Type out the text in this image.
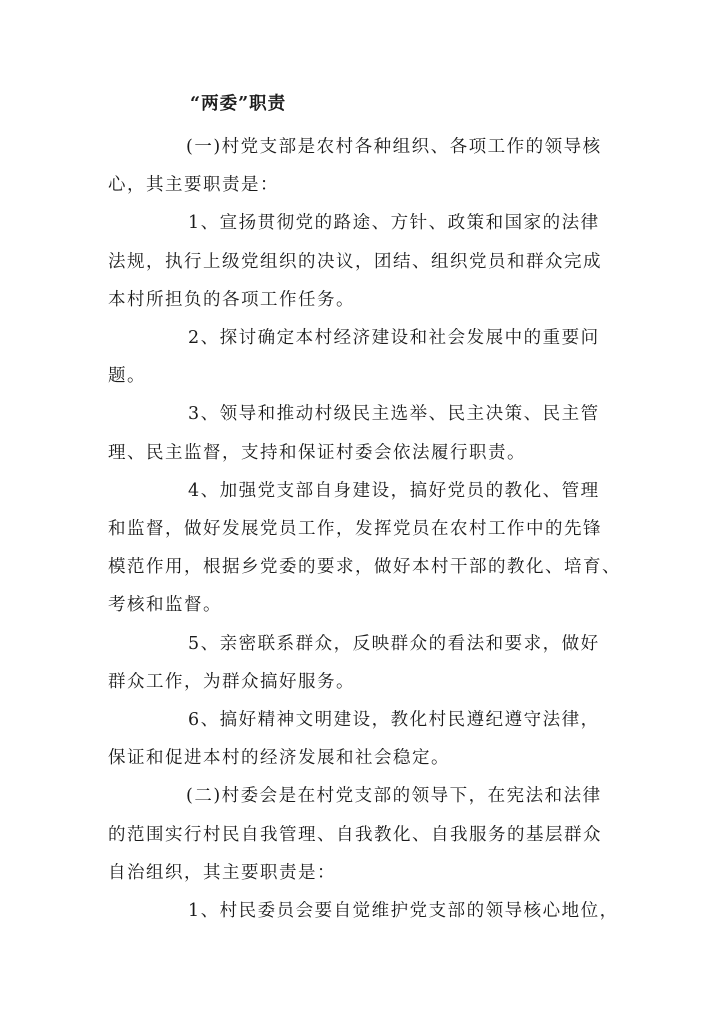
“两委”职责

(一)村党支部是农村各种组织、各项工作的领导核
心，其主要职责是：

1、宣扬贯彻党的路途、方针、政策和国家的法律
法规，执行上级党组织的决议，团结、组织党员和群众完成
本村所担负的各项工作任务。

2、探讨确定本村经济建设和社会发展中的重要问
题。

3、领导和推动村级民主选举、民主决策、民主管
理、民主监督，支持和保证村委会依法履行职责。

4、加强党支部自身建设，搞好党员的教化、管理
和监督，做好发展党员工作，发挥党员在农村工作中的先锋
模范作用，根据乡党委的要求，做好本村干部的教化、培育、
考核和监督。

5、亲密联系群众，反映群众的看法和要求，做好
群众工作，为群众搞好服务。

6、搞好精神文明建设，教化村民遵纪遵守法律，
保证和促进本村的经济发展和社会稳定。

(二)村委会是在村党支部的领导下，在宪法和法律
的范围实行村民自我管理、自我教化、自我服务的基层群众
自治组织，其主要职责是：

1、村民委员会要自觉维护党支部的领导核心地位，
